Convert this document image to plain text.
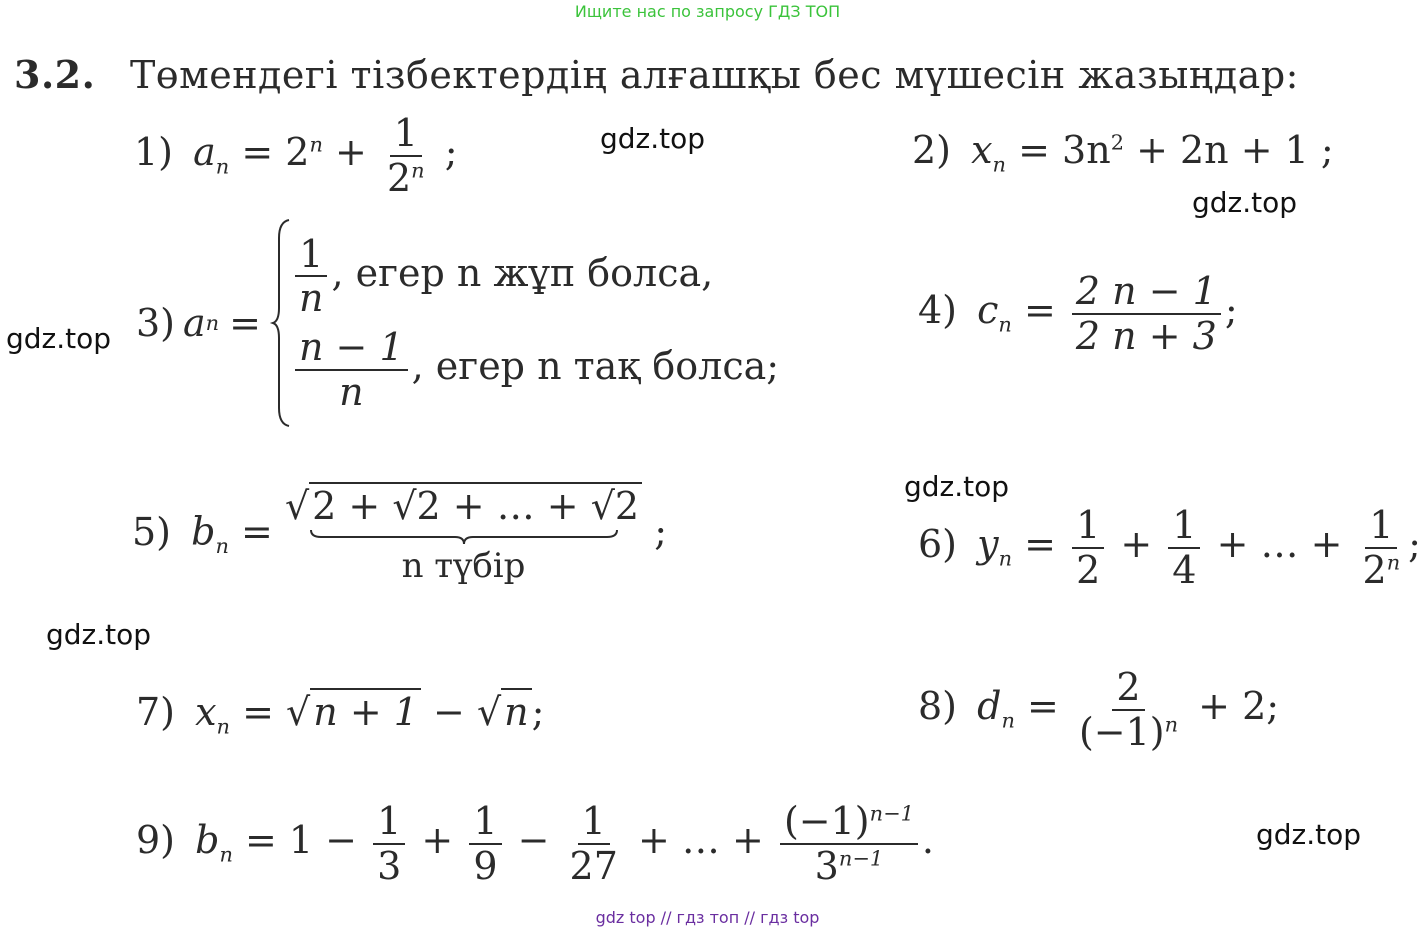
Ищите нас по запросу ГДЗ ТОП
3.2. Төмендегі тізбектердің алғашқы бес мүшесін жазыңдар:
1) $a_n = 2^n + \frac{1}{2^n}$ ;	gdz.top	2) $x_n = 3n^2 + 2n + 1$ ;
gdz.top
3) a n =
$\frac{1}{n}$ , егер n жұп болса,
$\frac{n - 1}{n}$ , егер n тақ болса;
gdz.top
4) $c_n = \frac{2 n - 1}{2 n + 3}$ ;
gdz.top
5) $b_n$ =
√2 + √2 + … + √2
n түбір
;	6) $y_n = \frac{1}{2} + \frac{1}{4}$ + … + $\frac{1}{2^n}$ ;
gdz.top
7) $x_n = √n + 1 - √n$;	8) $d_n = \frac{2}{(-1)^n} + 2$;
9) $b_n = 1 - \frac{1}{3} + \frac{1}{9} - \frac{1}{27}$ + … + $\frac{(-1)^{n-1}}{3^{n-1}}$ .	gdz.top
gdz top // гдз топ // гдз top
